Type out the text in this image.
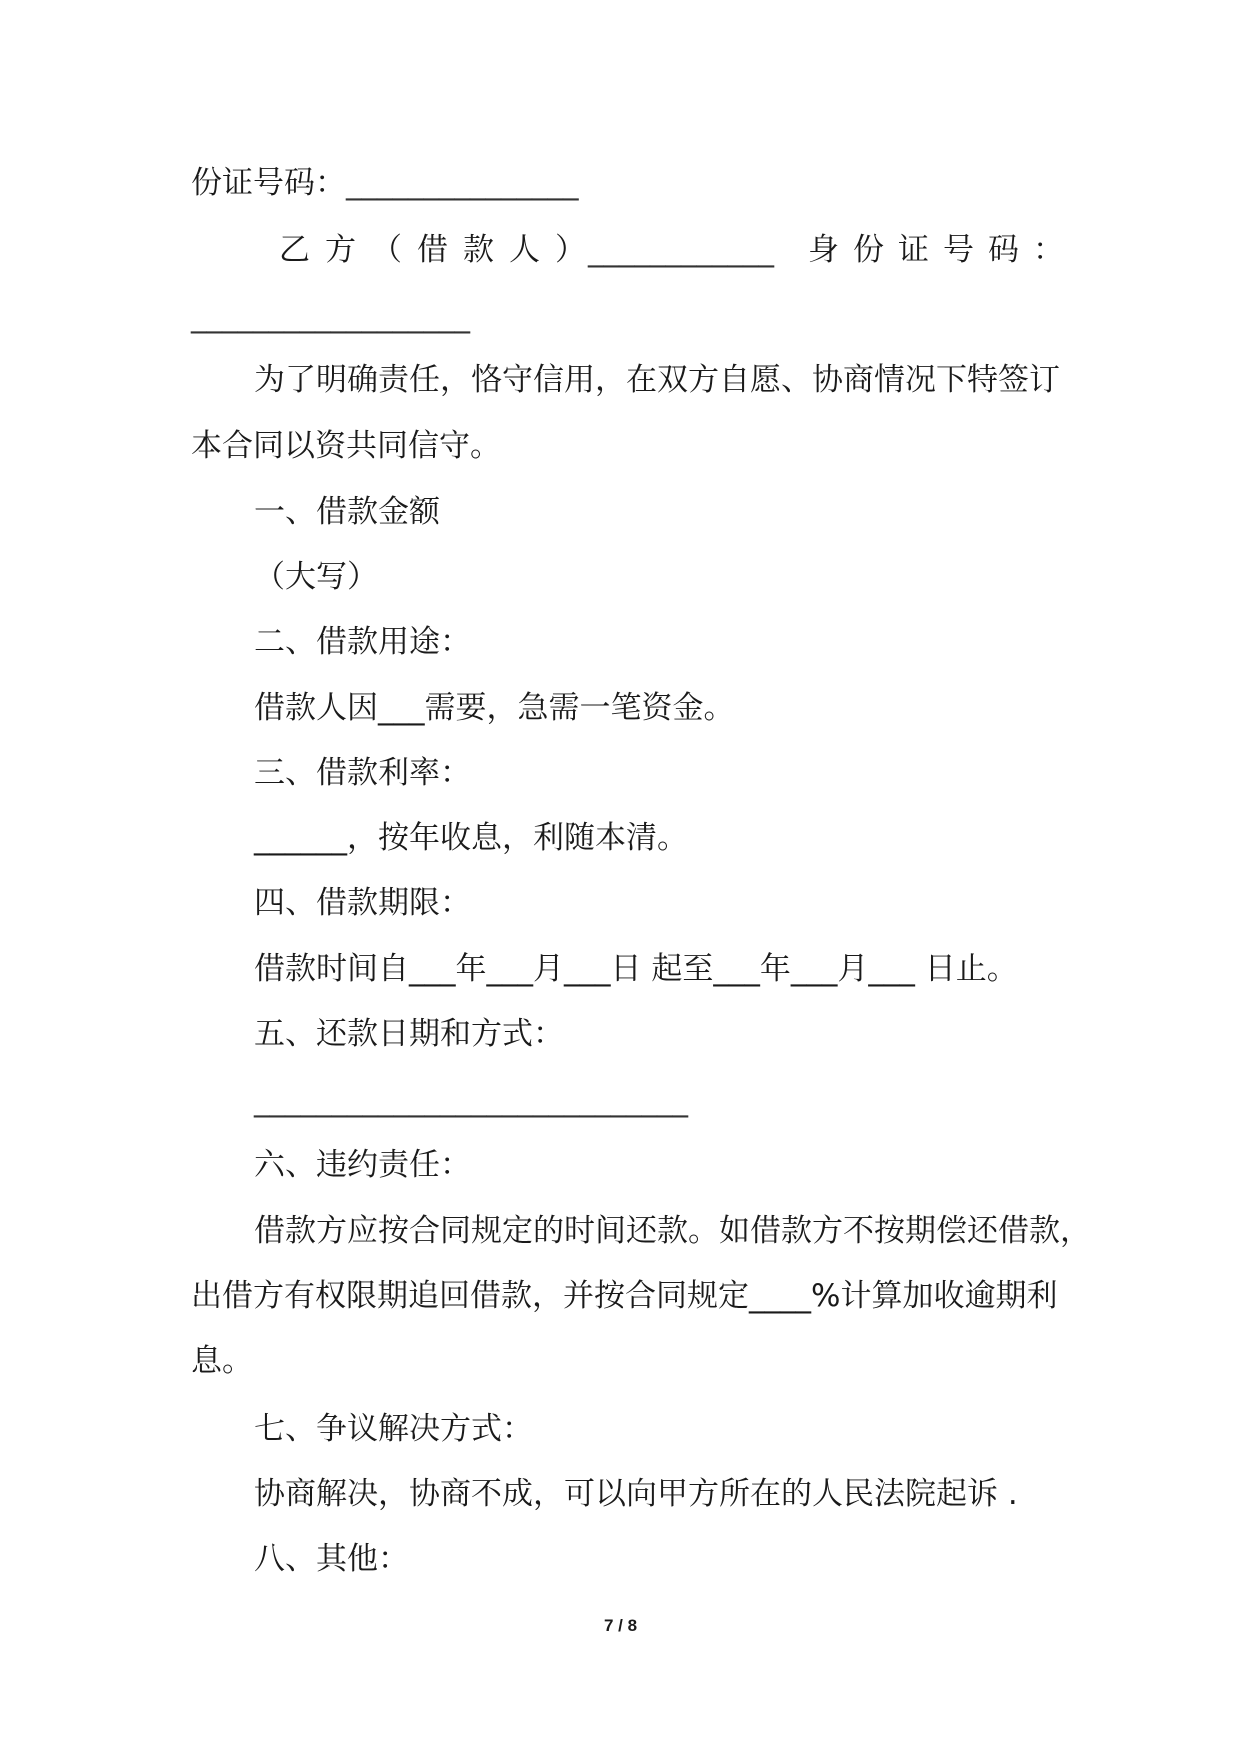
份证号码：_______________
乙方（借款人）
____________ 身份证号码：
__________________
为了明确责任，恪守信用，在双方自愿、协商情况下特签订
本合同以资共同信守。
一、借款金额
（大写）
二、借款用途：
借款人因___需要，急需一笔资金。
三、借款利率：
______，按年收息，利随本清。
四、借款期限：
借款时间自___年___月___日 起至___年___月___ 日止。
五、还款日期和方式：
____________________________
六、违约责任：
借款方应按合同规定的时间还款。如借款方不按期偿还借款，
出借方有权限期追回借款，并按合同规定____%计算加收逾期利
息。
七、争议解决方式：
协商解决，协商不成，可以向甲方所在的人民法院起诉 .
八、其他：
7 / 8
